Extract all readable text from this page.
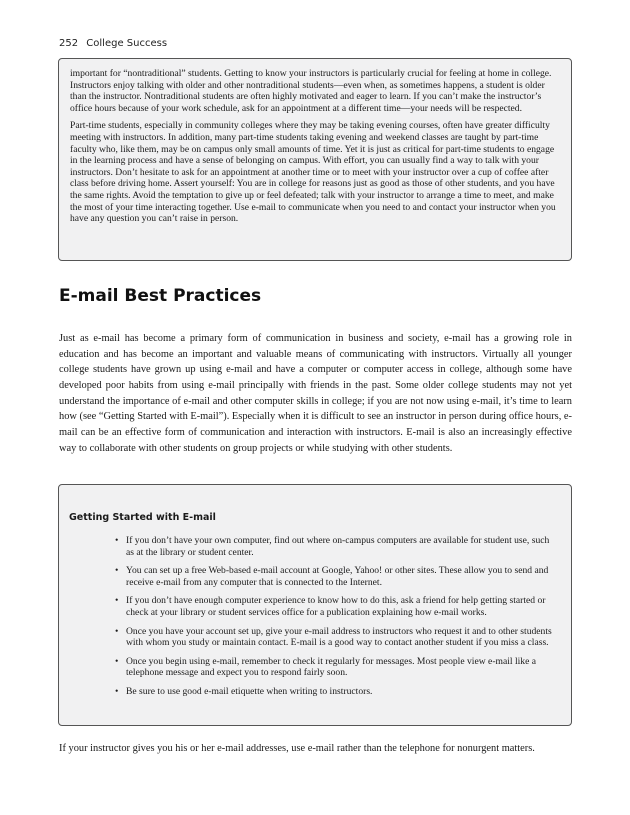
252 College Success

important for “nontraditional” students. Getting to know your instructors is particularly crucial for feeling at home in college. Instructors enjoy talking with older and other nontraditional students—even when, as sometimes happens, a student is older than the instructor. Nontraditional students are often highly motivated and eager to learn. If you can’t make the instructor’s office hours because of your work schedule, ask for an appointment at a different time—your needs will be respected.

Part-time students, especially in community colleges where they may be taking evening courses, often have greater difficulty meeting with instructors. In addition, many part-time students taking evening and weekend classes are taught by part-time faculty who, like them, may be on campus only small amounts of time. Yet it is just as critical for part-time students to engage in the learning process and have a sense of belonging on campus. With effort, you can usually find a way to talk with your instructors. Don’t hesitate to ask for an appointment at another time or to meet with your instructor over a cup of coffee after class before driving home. Assert yourself: You are in college for reasons just as good as those of other students, and you have the same rights. Avoid the temptation to give up or feel defeated; talk with your instructor to arrange a time to meet, and make the most of your time interacting together. Use e-mail to communicate when you need to and contact your instructor when you have any question you can’t raise in person.

E-mail Best Practices

Just as e-mail has become a primary form of communication in business and society, e-mail has a growing role in education and has become an important and valuable means of communicating with instructors. Virtually all younger college students have grown up using e-mail and have a computer or computer access in college, although some have developed poor habits from using e-mail principally with friends in the past. Some older college students may not yet understand the importance of e-mail and other computer skills in college; if you are not now using e-mail, it’s time to learn how (see “Getting Started with E-mail”). Especially when it is difficult to see an instructor in person during office hours, e-mail can be an effective form of communication and interaction with instructors. E-mail is also an increasingly effective way to collaborate with other students on group projects or while studying with other students.

Getting Started with E-mail
• If you don’t have your own computer, find out where on-campus computers are available for student use, such as at the library or student center.
• You can set up a free Web-based e-mail account at Google, Yahoo! or other sites. These allow you to send and receive e-mail from any computer that is connected to the Internet.
• If you don’t have enough computer experience to know how to do this, ask a friend for help getting started or check at your library or student services office for a publication explaining how e-mail works.
• Once you have your account set up, give your e-mail address to instructors who request it and to other students with whom you study or maintain contact. E-mail is a good way to contact another student if you miss a class.
• Once you begin using e-mail, remember to check it regularly for messages. Most people view e-mail like a telephone message and expect you to respond fairly soon.
• Be sure to use good e-mail etiquette when writing to instructors.

If your instructor gives you his or her e-mail addresses, use e-mail rather than the telephone for nonurgent matters.
